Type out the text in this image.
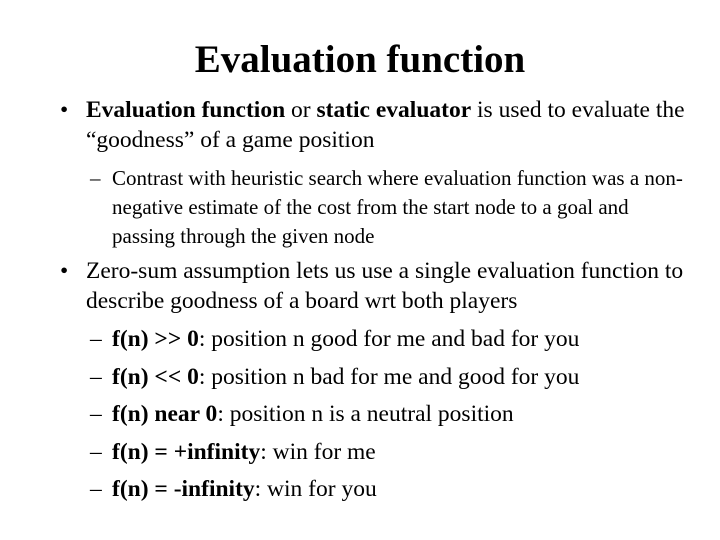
Evaluation function
• Evaluation function or static evaluator is used to evaluate the “goodness” of a game position
– Contrast with heuristic search where evaluation function was a non-negative estimate of the cost from the start node to a goal and passing through the given node
• Zero-sum assumption lets us use a single evaluation function to describe goodness of a board wrt both players
– f(n) >> 0: position n good for me and bad for you
– f(n) << 0: position n bad for me and good for you
– f(n) near 0: position n is a neutral position
– f(n) = +infinity: win for me
– f(n) = -infinity: win for you
